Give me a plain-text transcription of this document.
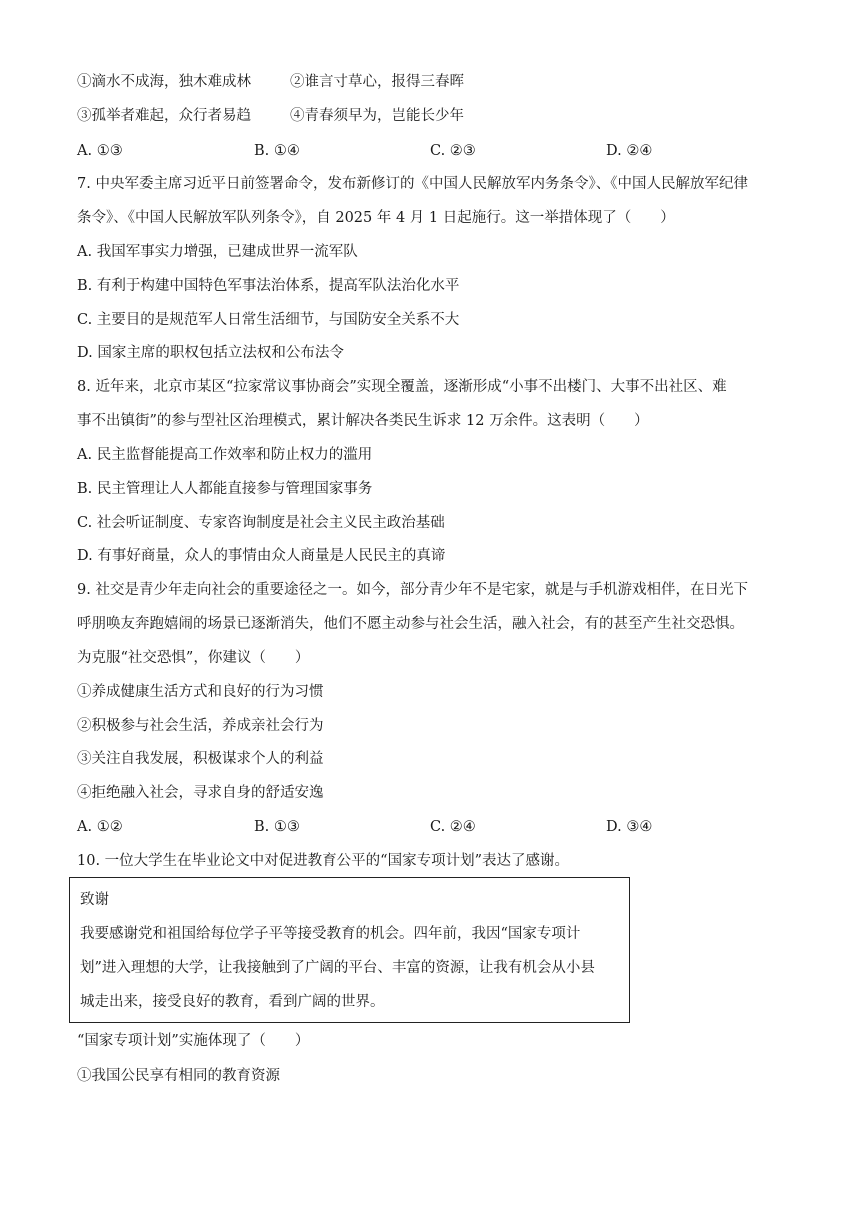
①滴水不成海，独木难成林	②谁言寸草心，报得三春晖
③孤举者难起，众行者易趋	④青春须早为，岂能长少年
A. ①③	B. ①④	C. ②③	D. ②④
7. 中央军委主席习近平日前签署命令，发布新修订的《中国人民解放军内务条令》、《中国人民解放军纪律
条令》、《中国人民解放军队列条令》，自 2025 年 4 月 1 日起施行。这一举措体现了（　　）
A. 我国军事实力增强，已建成世界一流军队
B. 有利于构建中国特色军事法治体系，提高军队法治化水平
C. 主要目的是规范军人日常生活细节，与国防安全关系不大
D. 国家主席的职权包括立法权和公布法令
8. 近年来，北京市某区“拉家常议事协商会”实现全覆盖，逐渐形成“小事不出楼门、大事不出社区、难
事不出镇街”的参与型社区治理模式，累计解决各类民生诉求 12 万余件。这表明（　　）
A. 民主监督能提高工作效率和防止权力的滥用
B. 民主管理让人人都能直接参与管理国家事务
C. 社会听证制度、专家咨询制度是社会主义民主政治基础
D. 有事好商量，众人的事情由众人商量是人民民主的真谛
9. 社交是青少年走向社会的重要途径之一。如今，部分青少年不是宅家，就是与手机游戏相伴，在日光下
呼朋唤友奔跑嬉闹的场景已逐渐消失，他们不愿主动参与社会生活，融入社会，有的甚至产生社交恐惧。
为克服“社交恐惧”，你建议（　　）
①养成健康生活方式和良好的行为习惯
②积极参与社会生活，养成亲社会行为
③关注自我发展，积极谋求个人的利益
④拒绝融入社会，寻求自身的舒适安逸
A. ①②	B. ①③	C. ②④	D. ③④
10. 一位大学生在毕业论文中对促进教育公平的“国家专项计划”表达了感谢。
致谢
我要感谢党和祖国给每位学子平等接受教育的机会。四年前，我因“国家专项计
划”进入理想的大学，让我接触到了广阔的平台、丰富的资源，让我有机会从小县
城走出来，接受良好的教育，看到广阔的世界。
“国家专项计划”实施体现了（　　）
①我国公民享有相同的教育资源
